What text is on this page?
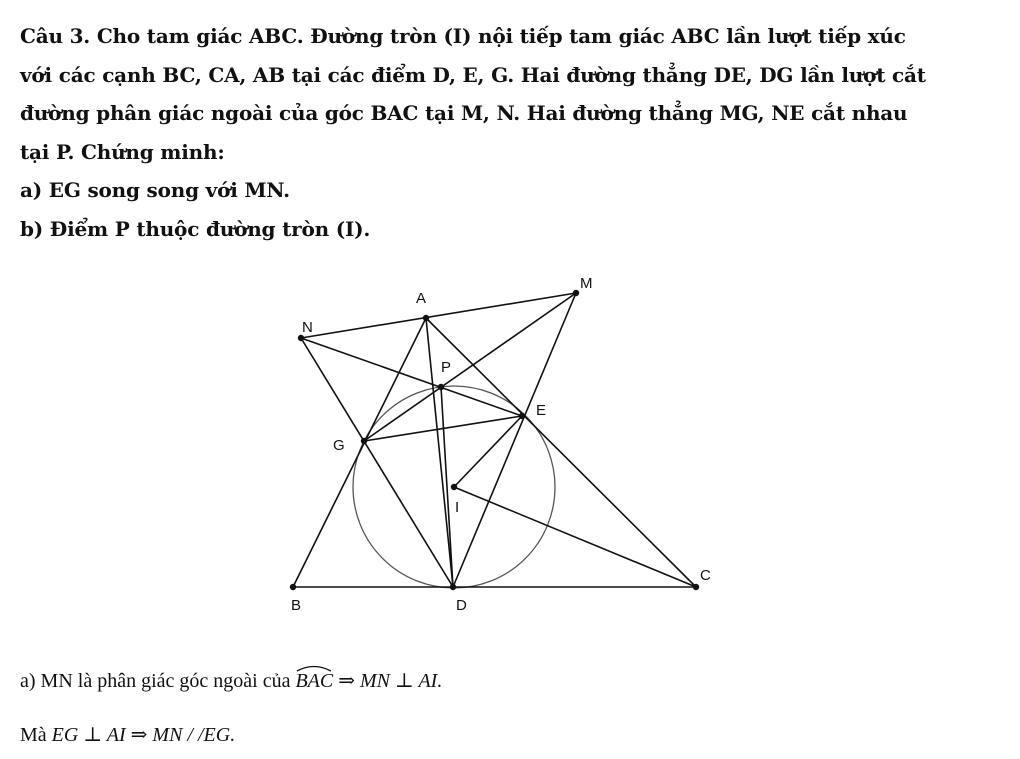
Câu 3. Cho tam giác ABC. Đường tròn (I) nội tiếp tam giác ABC lần lượt tiếp xúc
với các cạnh BC, CA, AB tại các điểm D, E, G. Hai đường thẳng DE, DG lần lượt cắt
đường phân giác ngoài của góc BAC tại M, N. Hai đường thẳng MG, NE cắt nhau
tại P. Chứng minh:
a) EG song song với MN.
b) Điểm P thuộc đường tròn (I).
A
M
N
P
E
G
I
B	D
C
a) MN là phân giác góc ngoài của BAC ⇒ MN ⊥ AI.
Mà EG ⊥ AI ⇒ MN / /EG.
